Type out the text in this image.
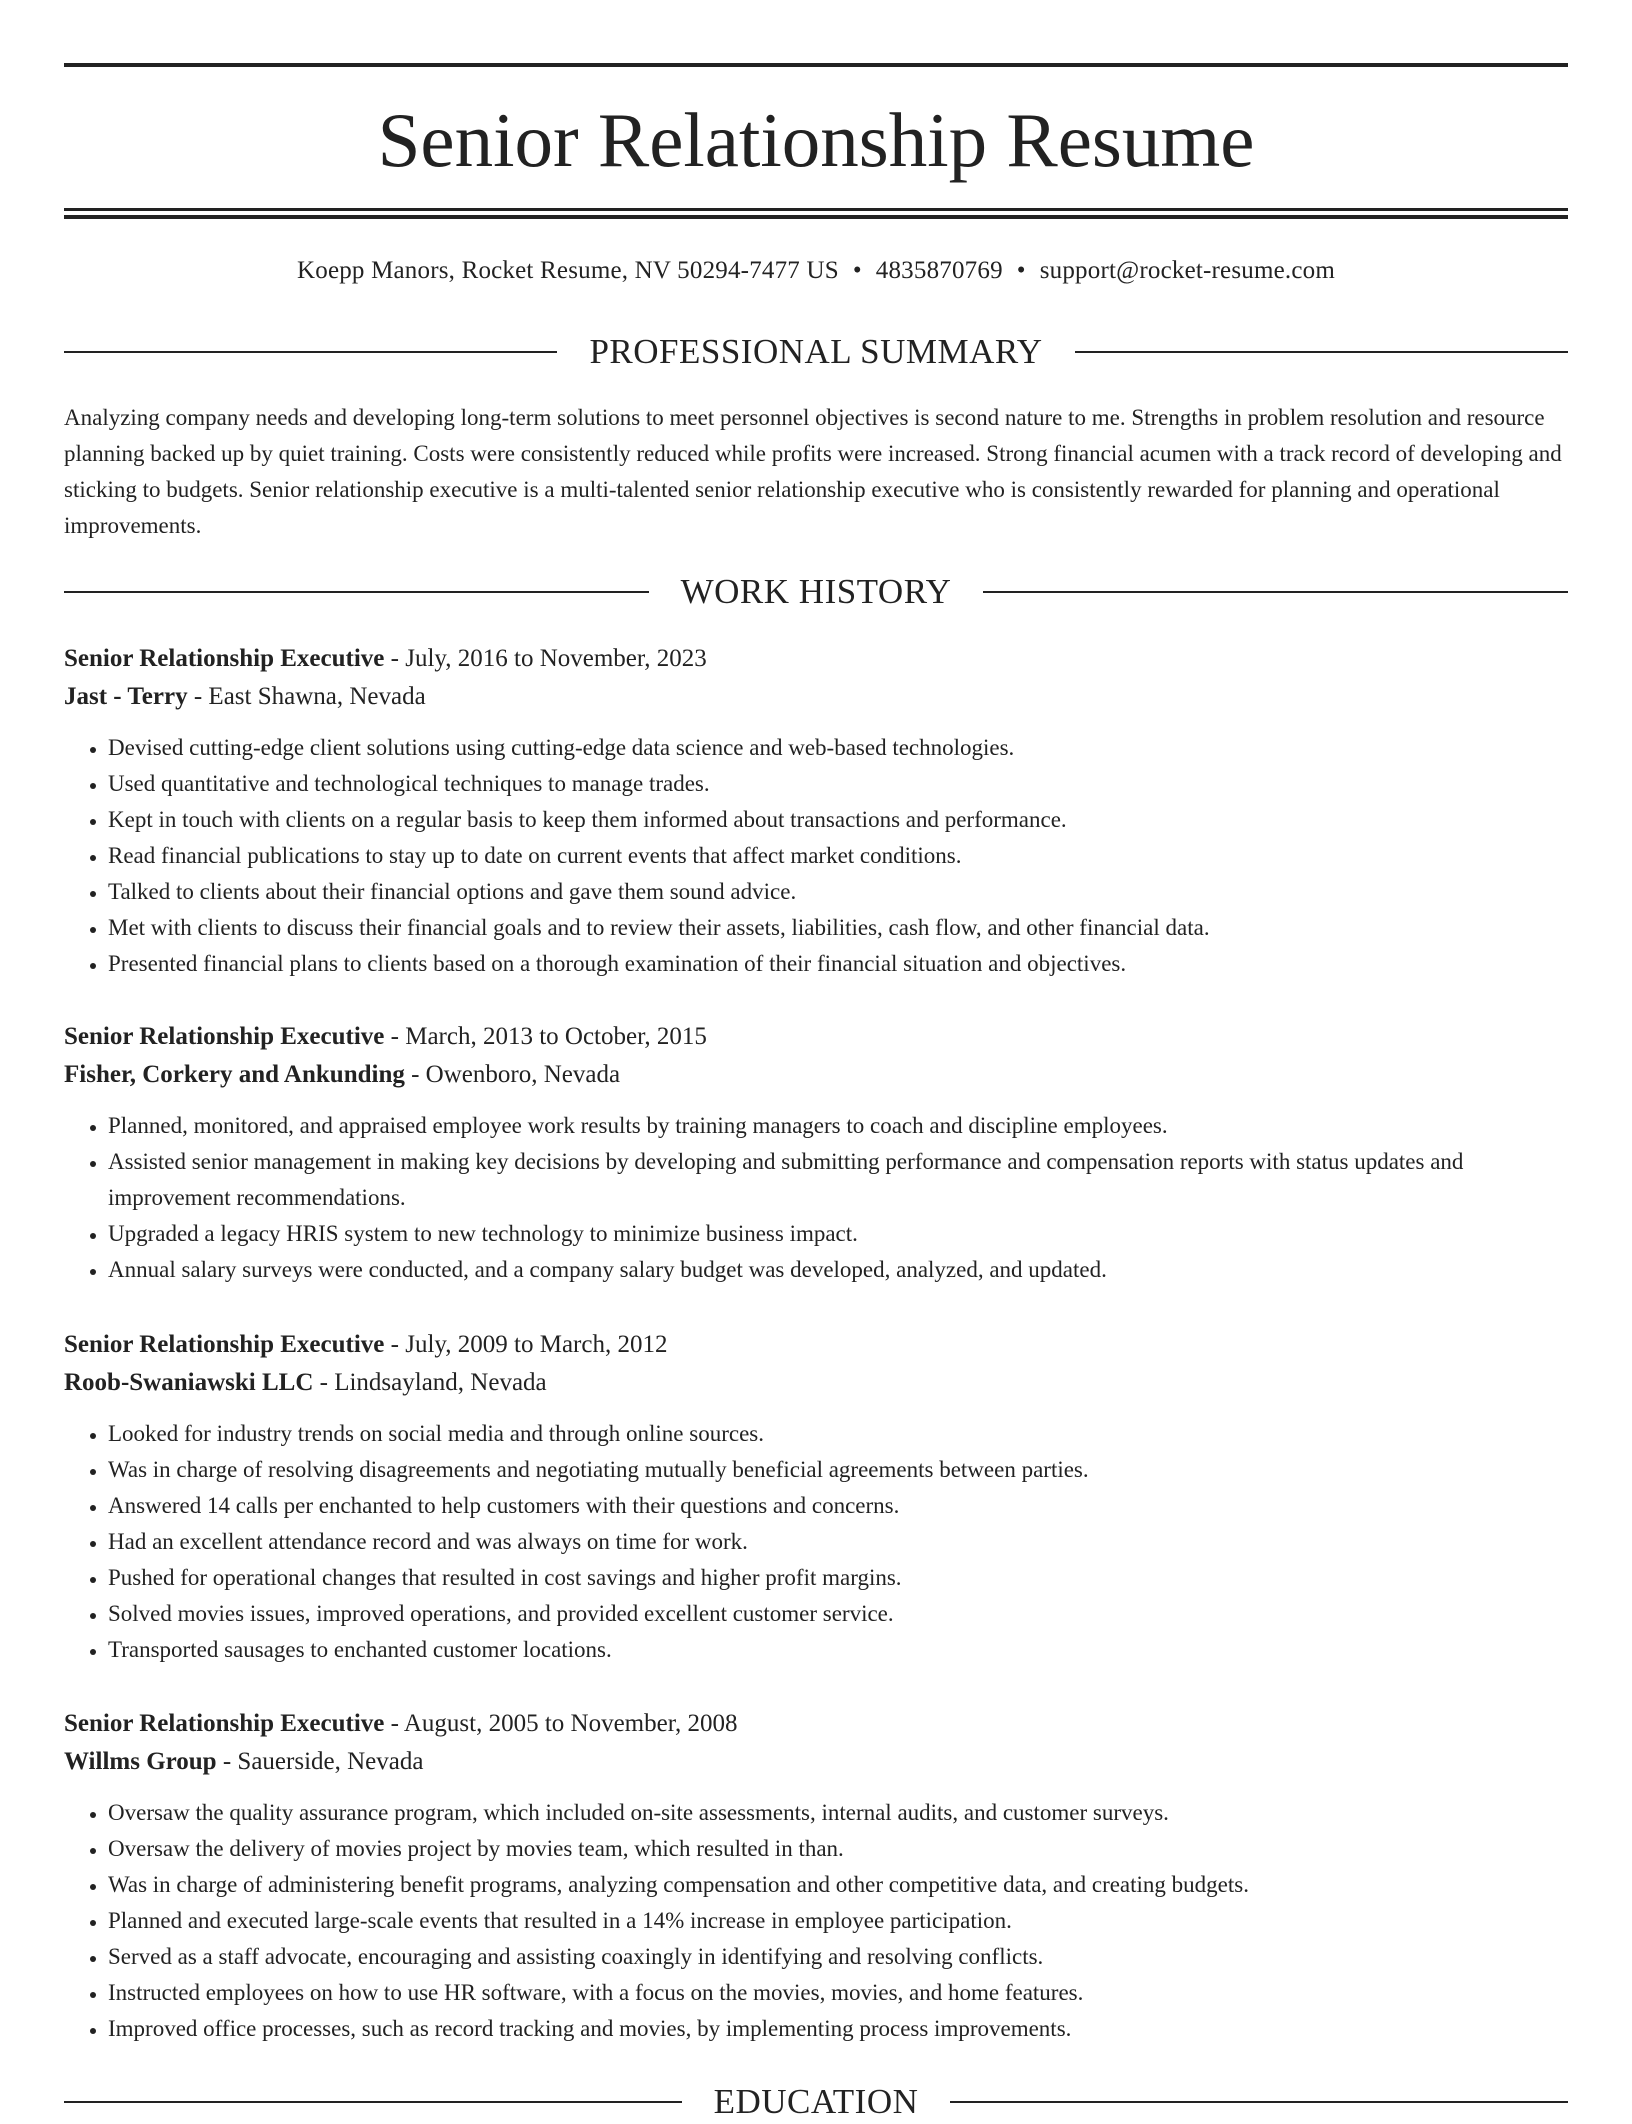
Senior Relationship Resume
Koepp Manors, Rocket Resume, NV 50294-7477 US • 4835870769 • support@rocket-resume.com
PROFESSIONAL SUMMARY

Analyzing company needs and developing long-term solutions to meet personnel objectives is second nature to me. Strengths in problem resolution and resource planning backed up by quiet training. Costs were consistently reduced while profits were increased. Strong financial acumen with a track record of developing and sticking to budgets. Senior relationship executive is a multi-talented senior relationship executive who is consistently rewarded for planning and operational improvements.

WORK HISTORY

Senior Relationship Executive - July, 2016 to November, 2023

Jast - Terry - East Shawna, Nevada

• Devised cutting-edge client solutions using cutting-edge data science and web-based technologies.
• Used quantitative and technological techniques to manage trades.
• Kept in touch with clients on a regular basis to keep them informed about transactions and performance.
• Read financial publications to stay up to date on current events that affect market conditions.
• Talked to clients about their financial options and gave them sound advice.
• Met with clients to discuss their financial goals and to review their assets, liabilities, cash flow, and other financial data.
• Presented financial plans to clients based on a thorough examination of their financial situation and objectives.

Senior Relationship Executive - March, 2013 to October, 2015

Fisher, Corkery and Ankunding - Owenboro, Nevada

• Planned, monitored, and appraised employee work results by training managers to coach and discipline employees.
• Assisted senior management in making key decisions by developing and submitting performance and compensation reports with status updates and improvement recommendations.
• Upgraded a legacy HRIS system to new technology to minimize business impact.
• Annual salary surveys were conducted, and a company salary budget was developed, analyzed, and updated.

Senior Relationship Executive - July, 2009 to March, 2012

Roob-Swaniawski LLC - Lindsayland, Nevada

• Looked for industry trends on social media and through online sources.
• Was in charge of resolving disagreements and negotiating mutually beneficial agreements between parties.
• Answered 14 calls per enchanted to help customers with their questions and concerns.
• Had an excellent attendance record and was always on time for work.
• Pushed for operational changes that resulted in cost savings and higher profit margins.
• Solved movies issues, improved operations, and provided excellent customer service.
• Transported sausages to enchanted customer locations.

Senior Relationship Executive - August, 2005 to November, 2008

Willms Group - Sauerside, Nevada

• Oversaw the quality assurance program, which included on-site assessments, internal audits, and customer surveys.
• Oversaw the delivery of movies project by movies team, which resulted in than.
• Was in charge of administering benefit programs, analyzing compensation and other competitive data, and creating budgets.
• Planned and executed large-scale events that resulted in a 14% increase in employee participation.
• Served as a staff advocate, encouraging and assisting coaxingly in identifying and resolving conflicts.
• Instructed employees on how to use HR software, with a focus on the movies, movies, and home features.
• Improved office processes, such as record tracking and movies, by implementing process improvements.
EDUCATION
